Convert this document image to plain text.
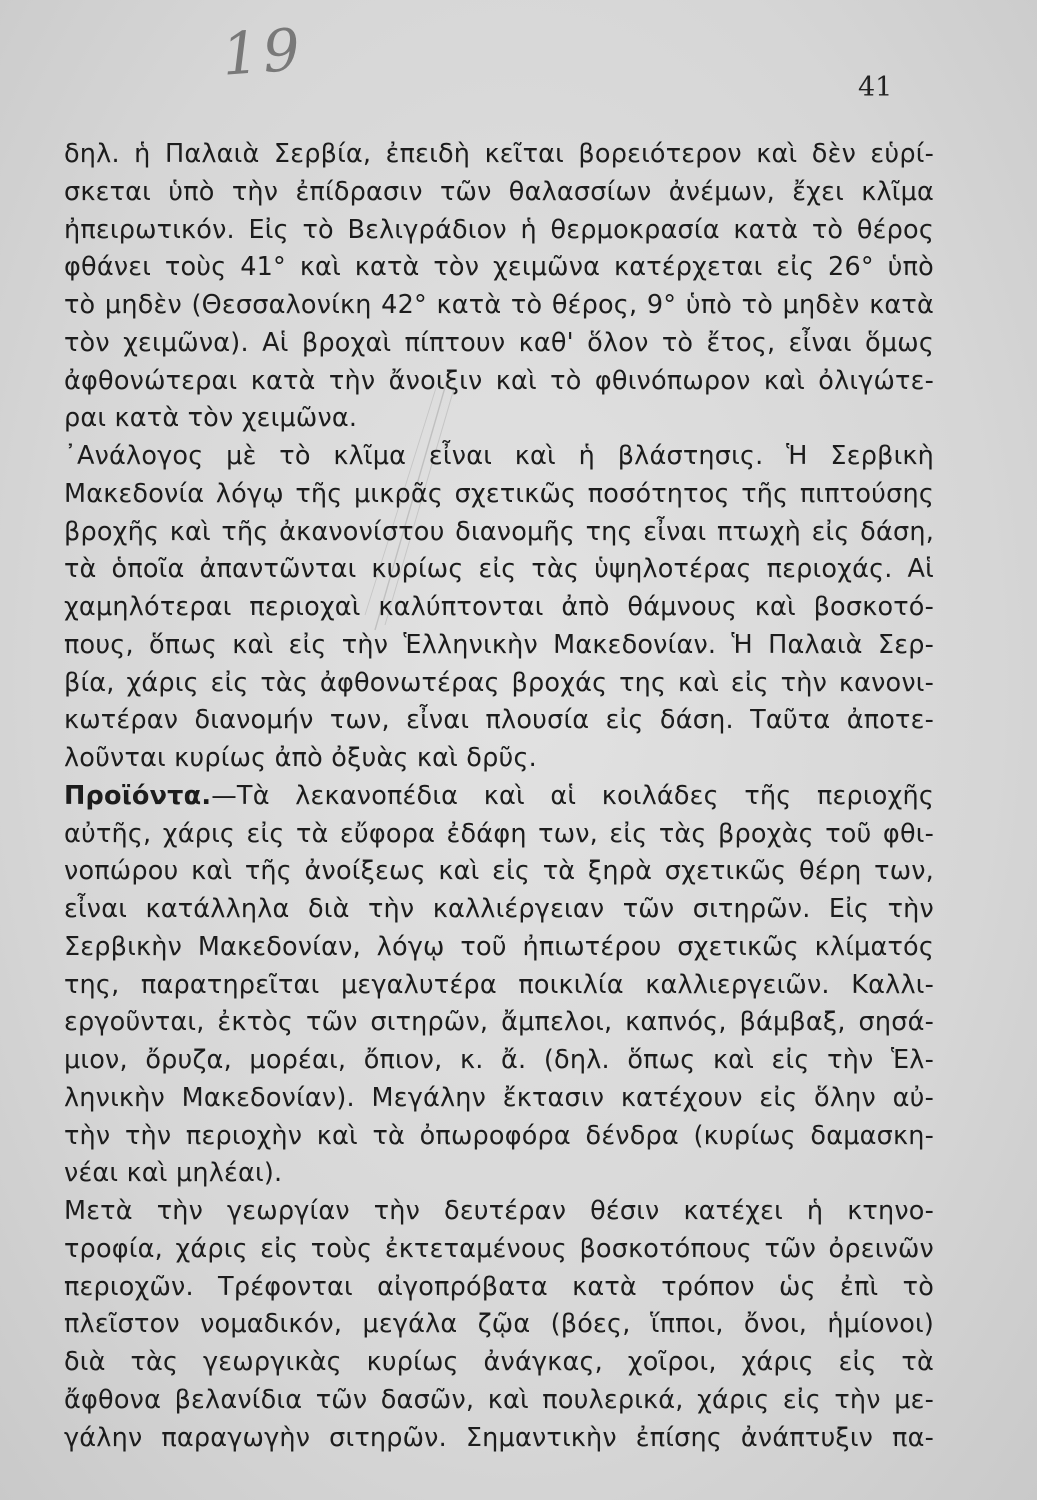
19	41
δηλ. ἡ Παλαιὰ Σερβία, ἐπειδὴ κεῖται βορειότερον καὶ δὲν εὑρί-
σκεται ὑπὸ τὴν ἐπίδρασιν τῶν θαλασσίων ἀνέμων, ἔχει κλῖμα
ἠπειρωτικόν. Εἰς τὸ Βελιγράδιον ἡ θερμοκρασία κατὰ τὸ θέρος
φθάνει τοὺς 41° καὶ κατὰ τὸν χειμῶνα κατέρχεται εἰς 26° ὑπὸ
τὸ μηδὲν (Θεσσαλονίκη 42° κατὰ τὸ θέρος, 9° ὑπὸ τὸ μηδὲν κατὰ
τὸν χειμῶνα). Αἱ βροχαὶ πίπτουν καθ' ὅλον τὸ ἔτος, εἶναι ὅμως
ἀφθονώτεραι κατὰ τὴν ἄνοιξιν καὶ τὸ φθινόπωρον καὶ ὀλιγώτε-
ραι κατὰ τὸν χειμῶνα.
᾿Ανάλογος μὲ τὸ κλῖμα εἶναι καὶ ἡ βλάστησις. Ἡ Σερβικὴ
Μακεδονία λόγῳ τῆς μικρᾶς σχετικῶς ποσότητος τῆς πιπτούσης
βροχῆς καὶ τῆς ἀκανονίστου διανομῆς της εἶναι πτωχὴ εἰς δάση,
τὰ ὁποῖα ἀπαντῶνται κυρίως εἰς τὰς ὑψηλοτέρας περιοχάς. Αἱ
χαμηλότεραι περιοχαὶ καλύπτονται ἀπὸ θάμνους καὶ βοσκοτό-
πους, ὅπως καὶ εἰς τὴν Ἑλληνικὴν Μακεδονίαν. Ἡ Παλαιὰ Σερ-
βία, χάρις εἰς τὰς ἀφθονωτέρας βροχάς της καὶ εἰς τὴν κανονι-
κωτέραν διανομήν των, εἶναι πλουσία εἰς δάση. Ταῦτα ἀποτε-
λοῦνται κυρίως ἀπὸ ὀξυὰς καὶ δρῦς.
Προϊόντα.—Τὰ λεκανοπέδια καὶ αἱ κοιλάδες τῆς περιοχῆς
αὐτῆς, χάρις εἰς τὰ εὔφορα ἐδάφη των, εἰς τὰς βροχὰς τοῦ φθι-
νοπώρου καὶ τῆς ἀνοίξεως καὶ εἰς τὰ ξηρὰ σχετικῶς θέρη των,
εἶναι κατάλληλα διὰ τὴν καλλιέργειαν τῶν σιτηρῶν. Εἰς τὴν
Σερβικὴν Μακεδονίαν, λόγῳ τοῦ ἠπιωτέρου σχετικῶς κλίματός
της, παρατηρεῖται μεγαλυτέρα ποικιλία καλλιεργειῶν. Καλλι-
εργοῦνται, ἐκτὸς τῶν σιτηρῶν, ἄμπελοι, καπνός, βάμβαξ, σησά-
μιον, ὄρυζα, μορέαι, ὄπιον, κ. ἄ. (δηλ. ὅπως καὶ εἰς τὴν Ἑλ-
ληνικὴν Μακεδονίαν). Μεγάλην ἔκτασιν κατέχουν εἰς ὅλην αὐ-
τὴν τὴν περιοχὴν καὶ τὰ ὀπωροφόρα δένδρα (κυρίως δαμασκη-
νέαι καὶ μηλέαι).
Μετὰ τὴν γεωργίαν τὴν δευτέραν θέσιν κατέχει ἡ κτηνο-
τροφία, χάρις εἰς τοὺς ἐκτεταμένους βοσκοτόπους τῶν ὀρεινῶν
περιοχῶν. Τρέφονται αἰγοπρόβατα κατὰ τρόπον ὡς ἐπὶ τὸ
πλεῖστον νομαδικόν, μεγάλα ζῷα (βόες, ἵπποι, ὄνοι, ἡμίονοι)
διὰ τὰς γεωργικὰς κυρίως ἀνάγκας, χοῖροι, χάρις εἰς τὰ
ἄφθονα βελανίδια τῶν δασῶν, καὶ πουλερικά, χάρις εἰς τὴν με-
γάλην παραγωγὴν σιτηρῶν. Σημαντικὴν ἐπίσης ἀνάπτυξιν πα-
